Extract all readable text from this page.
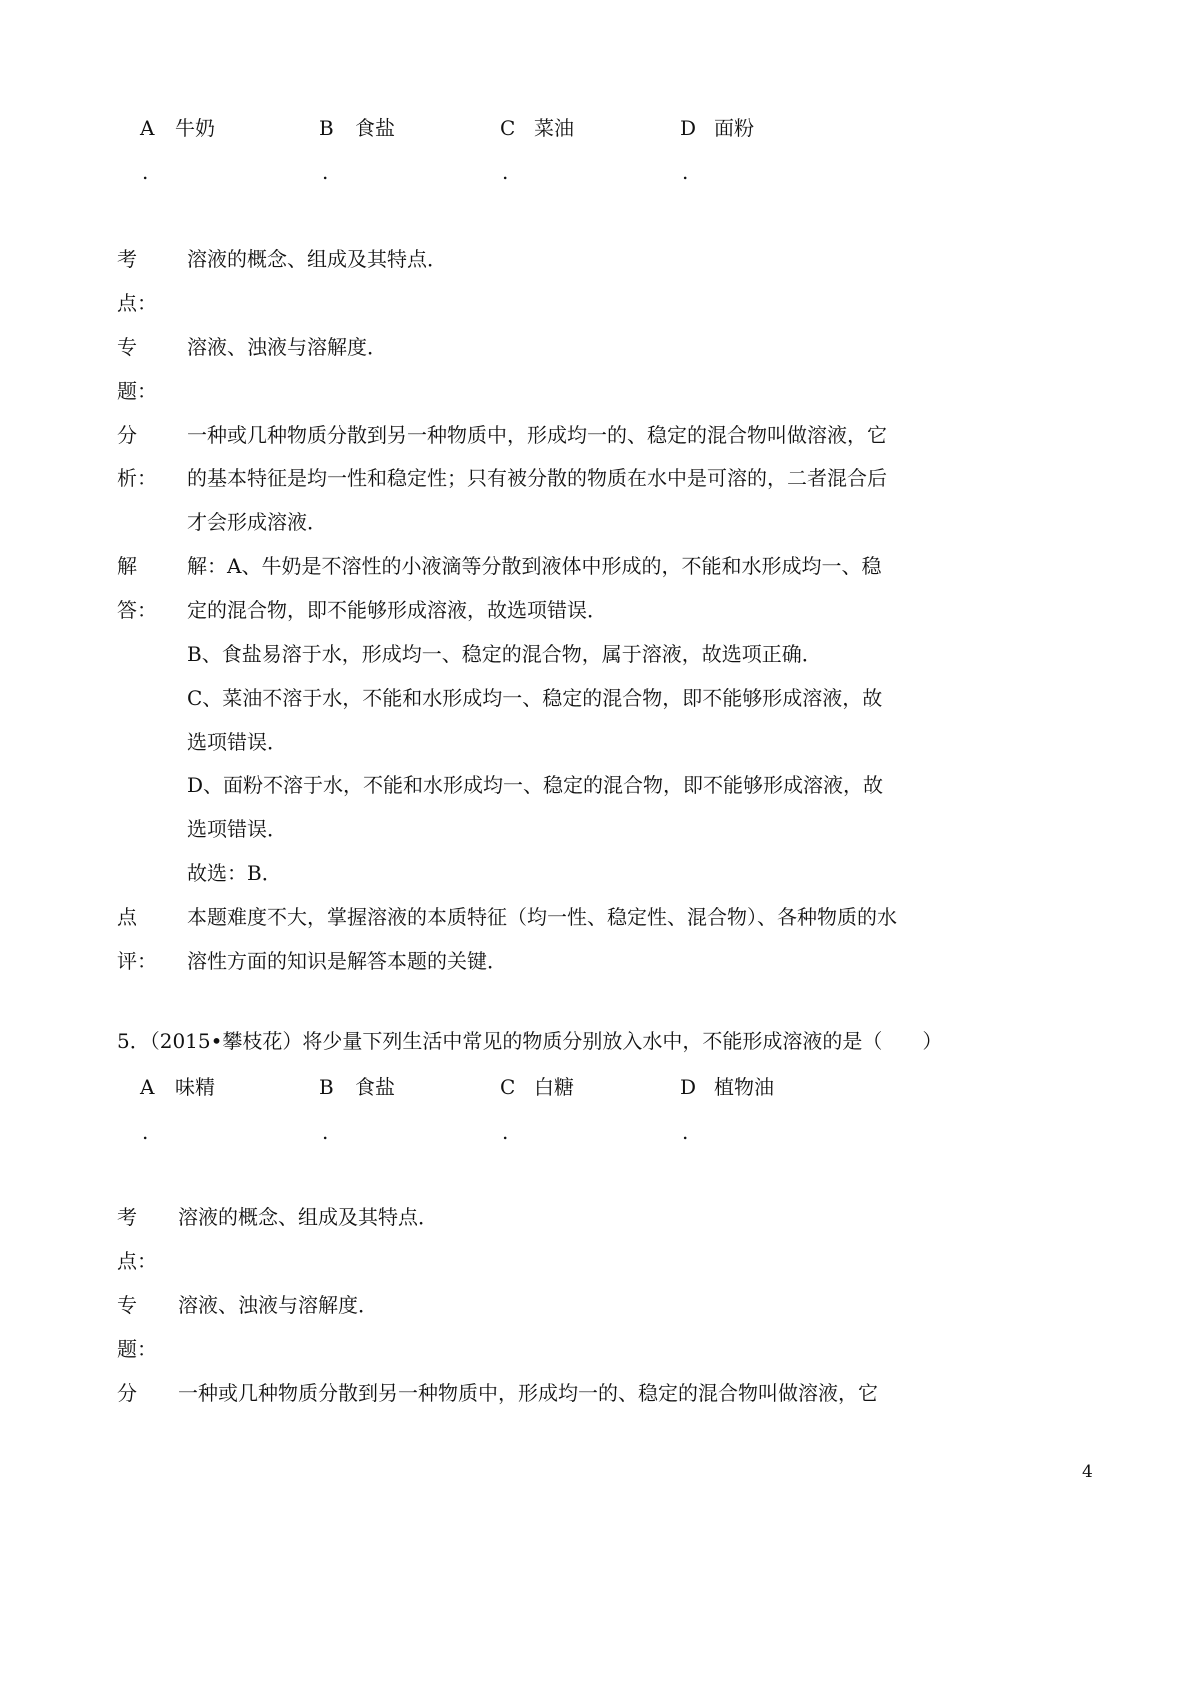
A 牛奶
.
B 食盐
.
C 菜油
.
D 面粉
.
考
点：
溶液的概念、组成及其特点．
专
题：
溶液、浊液与溶解度．
分
析：
一种或几种物质分散到另一种物质中，形成均一的、稳定的混合物叫做溶液，它
的基本特征是均一性和稳定性；只有被分散的物质在水中是可溶的，二者混合后
才会形成溶液．
解
答：
解：A、牛奶是不溶性的小液滴等分散到液体中形成的，不能和水形成均一、稳
定的混合物，即不能够形成溶液，故选项错误．
B、食盐易溶于水，形成均一、稳定的混合物，属于溶液，故选项正确．
C、菜油不溶于水，不能和水形成均一、稳定的混合物，即不能够形成溶液，故
选项错误．
D、面粉不溶于水，不能和水形成均一、稳定的混合物，即不能够形成溶液，故
选项错误．
故选：B．
点
评：
本题难度不大，掌握溶液的本质特征（均一性、稳定性、混合物）、各种物质的水
溶性方面的知识是解答本题的关键．
5．（2015•攀枝花）将少量下列生活中常见的物质分别放入水中，不能形成溶液的是（　　）
A 味精
.
B 食盐
.
C 白糖
.
D 植物油
.
考
点：
溶液的概念、组成及其特点．
专
题：
溶液、浊液与溶解度．
分 一种或几种物质分散到另一种物质中，形成均一的、稳定的混合物叫做溶液，它
4
